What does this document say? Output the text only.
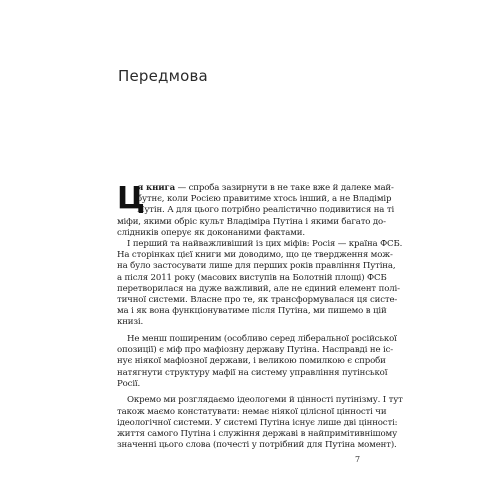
Передмова
Ц
я книга — спроба зазирнути в не таке вже й далеке май-
бутнє, коли Росією правитиме хтось інший, а не Владімір
Путін. А для цього потрібно реалістично подивитися на ті
міфи, якими обріс культ Владіміра Путіна і якими багато до-
слідників оперує як доконаними фактами.
І перший та найважливіший із цих міфів: Росія — країна ФСБ.
На сторінках цієї книги ми доводимо, що це твердження мож-
на було застосувати лише для перших років правління Путіна,
а після 2011 року (масових виступів на Болотній площі) ФСБ
перетворилася на дуже важливий, але не єдиний елемент полі-
тичної системи. Власне про те, як трансформувалася ця систе-
ма і як вона функціонуватиме після Путіна, ми пишемо в цій
книзі.
Не менш поширеним (особливо серед ліберальної російської
опозиції) є міф про мафіозну державу Путіна. Насправді не іс-
нує ніякої мафіозної держави, і великою помилкою є спроби
натягнути структуру мафії на систему управління путінської
Росії.
Окремо ми розглядаємо ідеологеми й цінності путінізму. І тут
також маємо констатувати: немає ніякої цілісної цінності чи
ідеологічної системи. У системі Путіна існує лише дві цінності:
життя самого Путіна і служіння державі в найпримітивнішому
значенні цього слова (почесті у потрібний для Путіна момент).
7
